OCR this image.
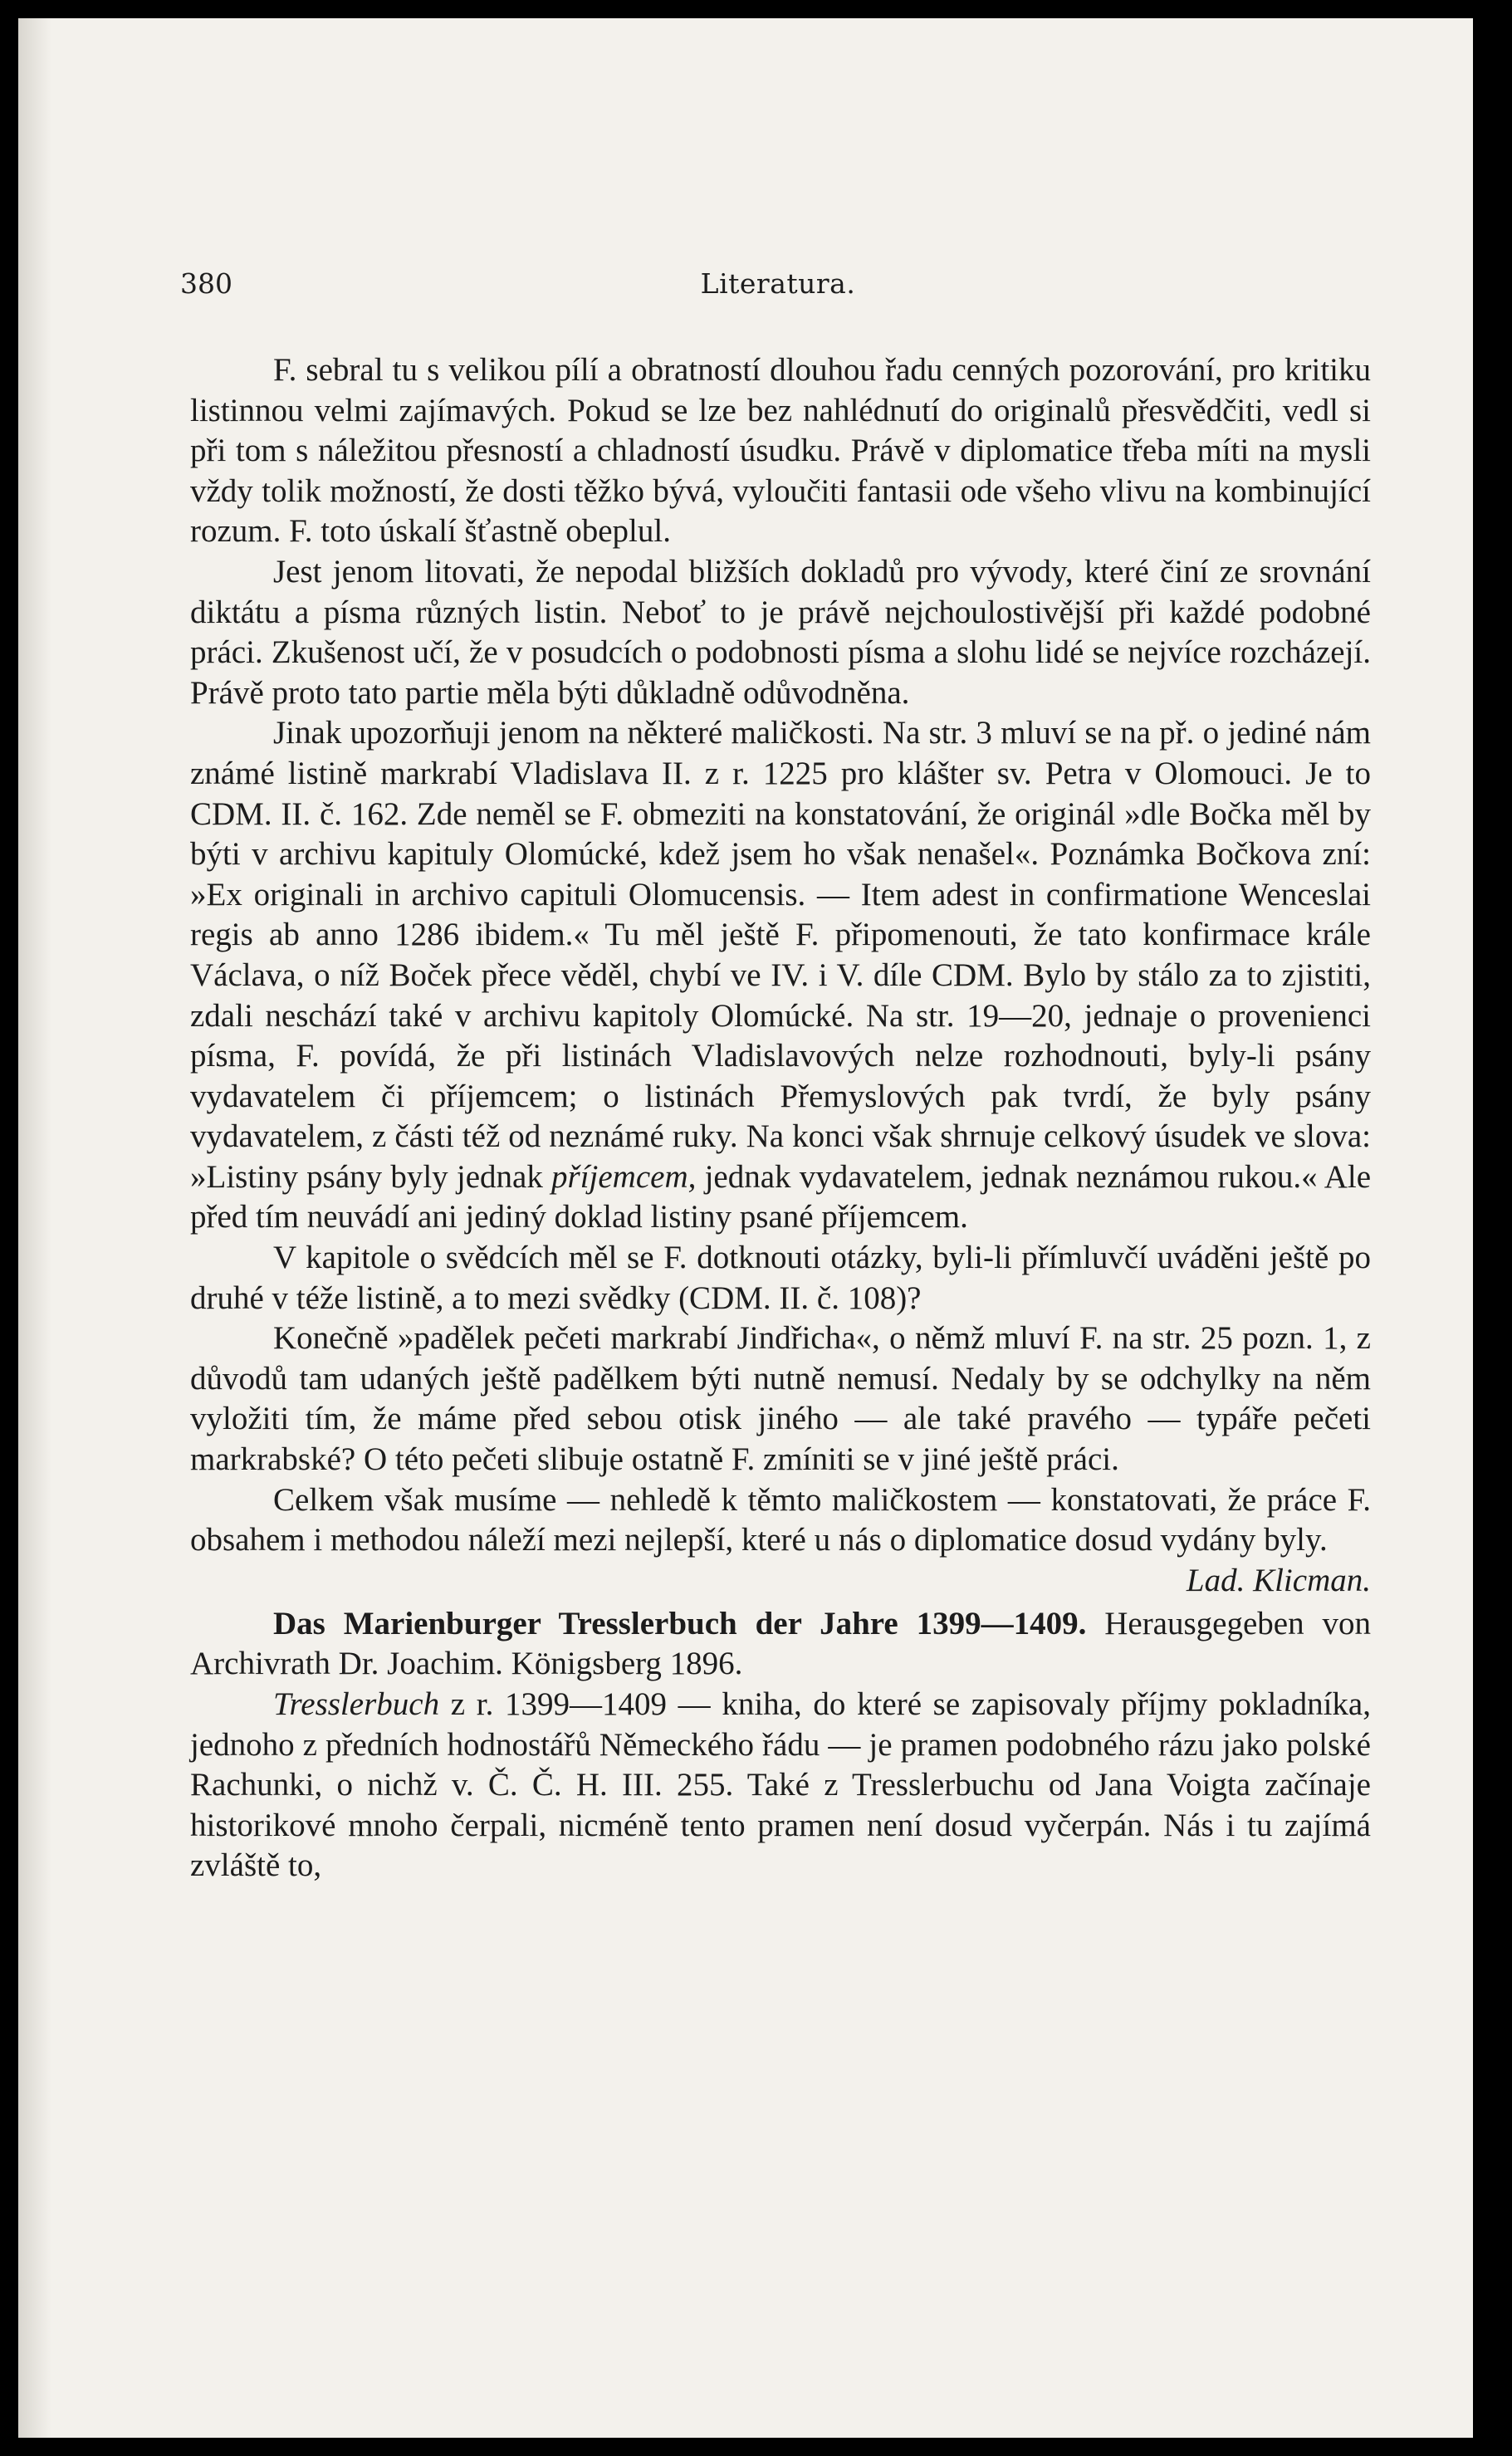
380	Literatura.

F. sebral tu s velikou pílí a obratností dlouhou řadu cenných pozorování, pro kritiku listinnou velmi zajímavých. Pokud se lze bez nahlédnutí do originalů přesvědčiti, vedl si při tom s náležitou přesností a chladností úsudku. Právě v diplomatice třeba míti na mysli vždy tolik možností, že dosti těžko bývá, vyloučiti fantasii ode všeho vlivu na kombinující rozum. F. toto úskalí šťastně obeplul.

Jest jenom litovati, že nepodal bližších dokladů pro vývody, které činí ze srovnání diktátu a písma různých listin. Neboť to je právě nejchoulostivější při každé podobné práci. Zkušenost učí, že v posudcích o podobnosti písma a slohu lidé se nejvíce rozcházejí. Právě proto tato partie měla býti důkladně odůvodněna.

Jinak upozorňuji jenom na některé maličkosti. Na str. 3 mluví se na př. o jediné nám známé listině markrabí Vladislava II. z r. 1225 pro klášter sv. Petra v Olomouci. Je to CDM. II. č. 162. Zde neměl se F. obmeziti na konstatování, že originál »dle Bočka měl by býti v archivu kapituly Olomúcké, kdež jsem ho však nenašel«. Poznámka Bočkova zní: »Ex originali in archivo capituli Olomucensis. — Item adest in confirmatione Wenceslai regis ab anno 1286 ibidem.« Tu měl ještě F. připomenouti, že tato konfirmace krále Václava, o níž Boček přece věděl, chybí ve IV. i V. díle CDM. Bylo by stálo za to zjistiti, zdali neschází také v archivu kapitoly Olomúcké. Na str. 19—20, jednaje o provenienci písma, F. povídá, že při listinách Vladislavových nelze rozhodnouti, byly-li psány vydavatelem či příjemcem; o listinách Přemyslových pak tvrdí, že byly psány vydavatelem, z části též od neznámé ruky. Na konci však shrnuje celkový úsudek ve slova: »Listiny psány byly jednak příjemcem, jednak vydavatelem, jednak neznámou rukou.« Ale před tím neuvádí ani jediný doklad listiny psané příjemcem.

V kapitole o svědcích měl se F. dotknouti otázky, byli-li přímluvčí uváděni ještě po druhé v téže listině, a to mezi svědky (CDM. II. č. 108)?

Konečně »padělek pečeti markrabí Jindřicha«, o němž mluví F. na str. 25 pozn. 1, z důvodů tam udaných ještě padělkem býti nutně nemusí. Nedaly by se odchylky na něm vyložiti tím, že máme před sebou otisk jiného — ale také pravého — typáře pečeti markrabské? O této pečeti slibuje ostatně F. zmíniti se v jiné ještě práci.

Celkem však musíme — nehledě k těmto maličkostem — konstatovati, že práce F. obsahem i methodou náleží mezi nejlepší, které u nás o diplomatice dosud vydány byly.
Lad. Klicman.

Das Marienburger Tresslerbuch der Jahre 1399—1409. Herausgegeben von Archivrath Dr. Joachim. Königsberg 1896.

Tresslerbuch z r. 1399—1409 — kniha, do které se zapisovaly příjmy pokladníka, jednoho z předních hodnostářů Německého řádu — je pramen podobného rázu jako polské Rachunki, o nichž v. Č. Č. H. III. 255. Také z Tresslerbuchu od Jana Voigta začínaje historikové mnoho čerpali, nicméně tento pramen není dosud vyčerpán. Nás i tu zajímá zvláště to,
